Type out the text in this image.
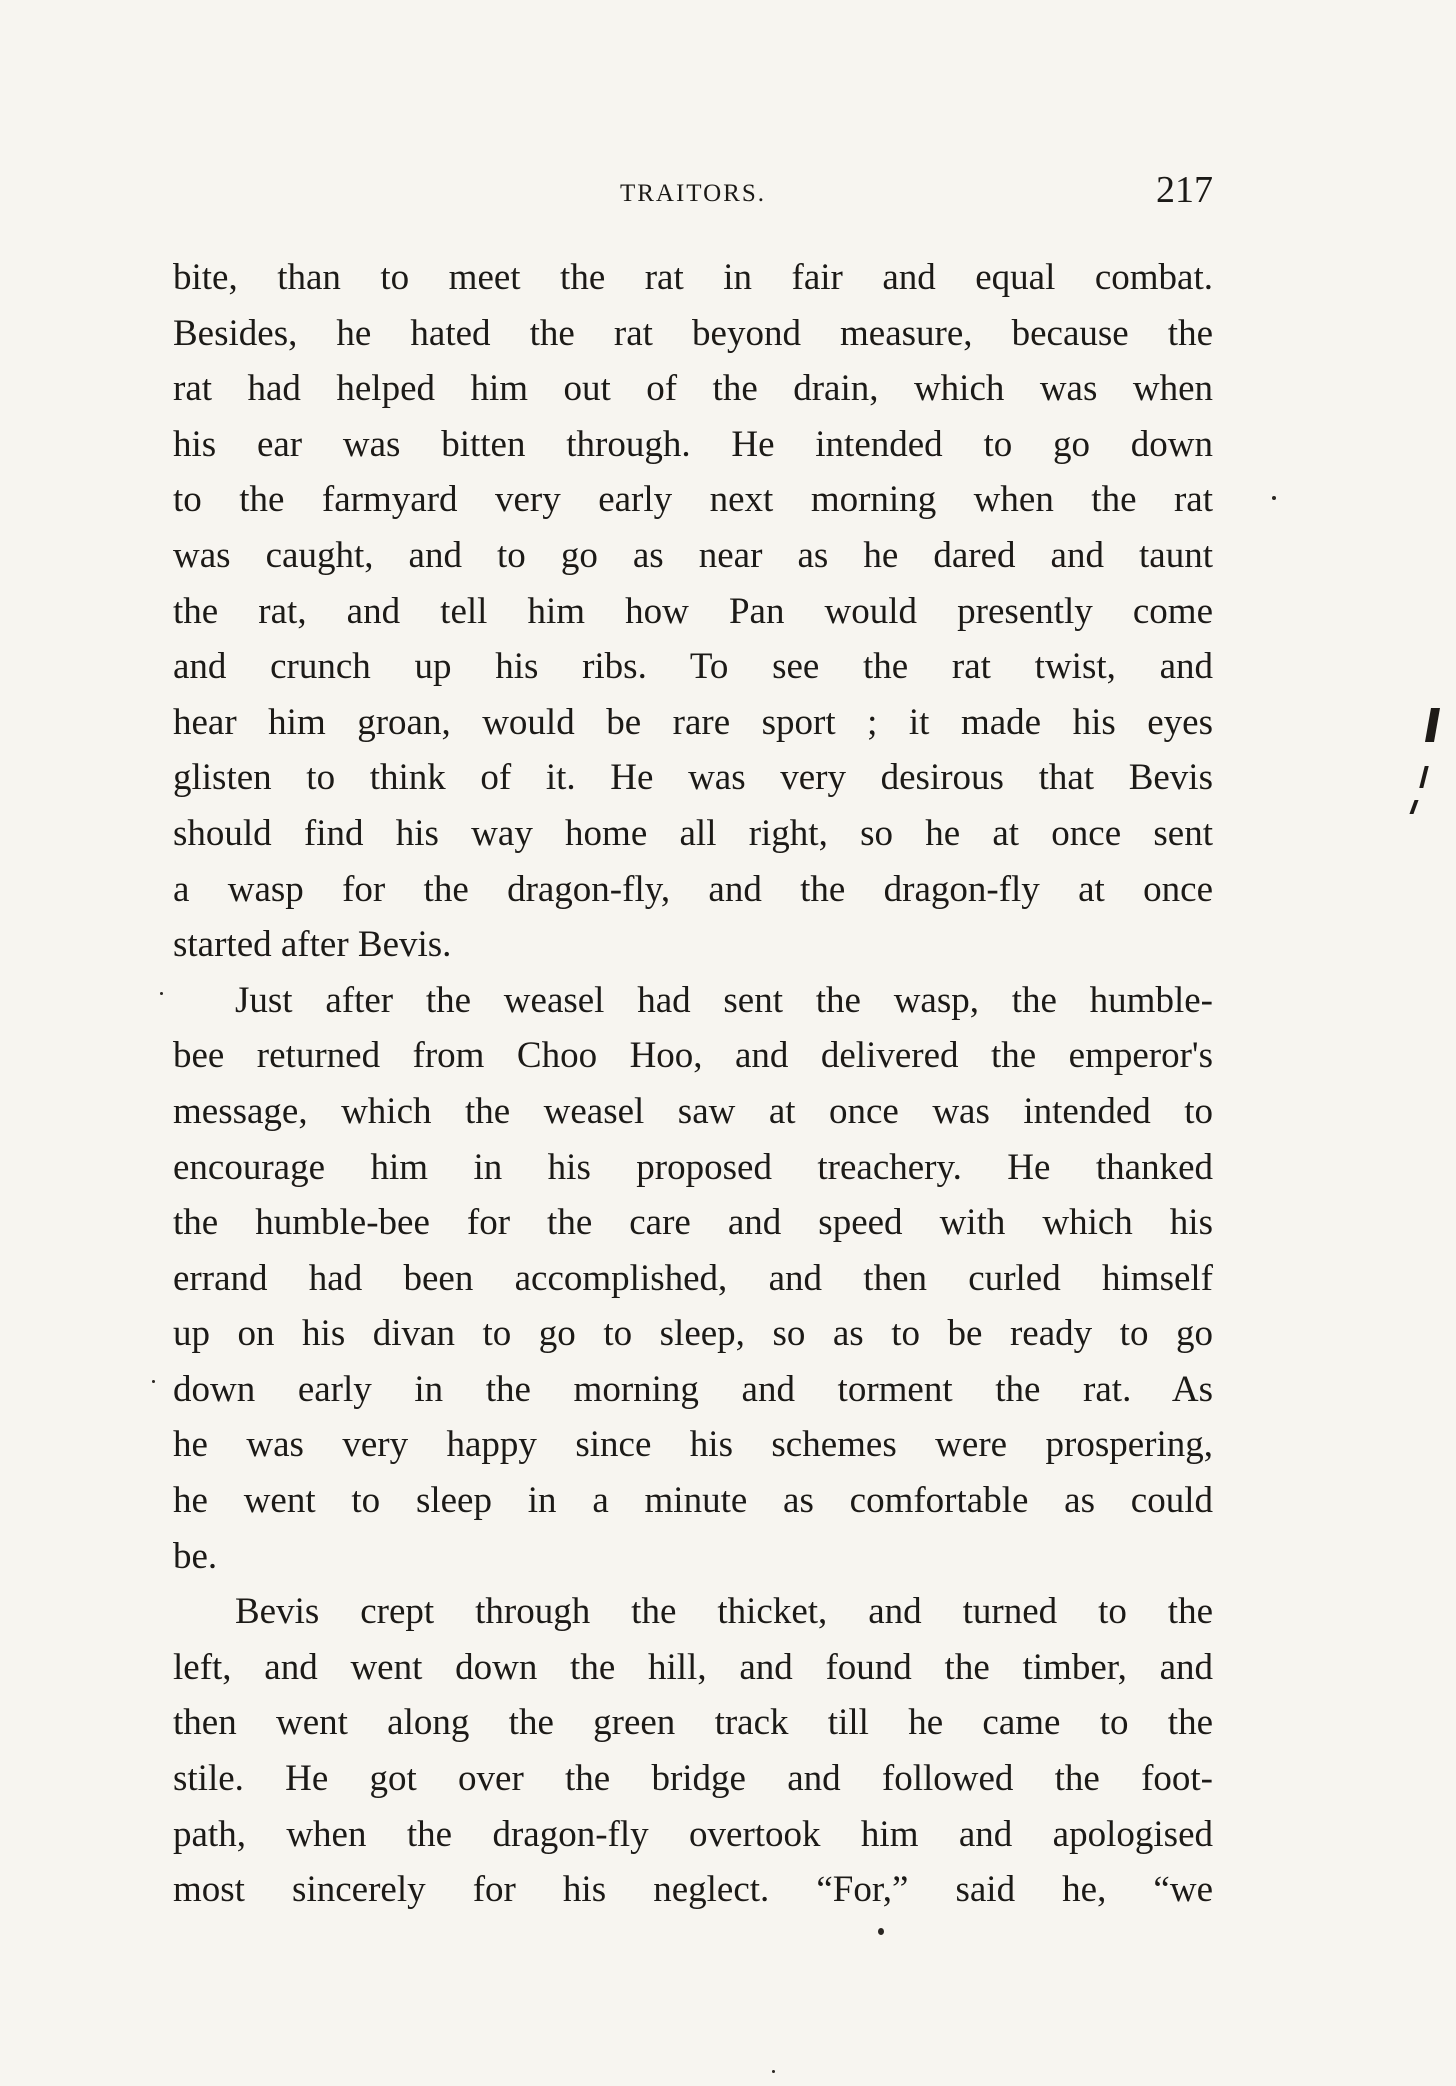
TRAITORS.	217
bite, than to meet the rat in fair and equal combat.
Besides, he hated the rat beyond measure, because the
rat had helped him out of the drain, which was when
his ear was bitten through. He intended to go down
to the farmyard very early next morning when the rat
was caught, and to go as near as he dared and taunt
the rat, and tell him how Pan would presently come
and crunch up his ribs. To see the rat twist, and
hear him groan, would be rare sport ; it made his eyes
glisten to think of it. He was very desirous that Bevis
should find his way home all right, so he at once sent
a wasp for the dragon-fly, and the dragon-fly at once
started after Bevis.
Just after the weasel had sent the wasp, the humble-
bee returned from Choo Hoo, and delivered the emperor's
message, which the weasel saw at once was intended to
encourage him in his proposed treachery. He thanked
the humble-bee for the care and speed with which his
errand had been accomplished, and then curled himself
up on his divan to go to sleep, so as to be ready to go
down early in the morning and torment the rat. As
he was very happy since his schemes were prospering,
he went to sleep in a minute as comfortable as could
be.
Bevis crept through the thicket, and turned to the
left, and went down the hill, and found the timber, and
then went along the green track till he came to the
stile. He got over the bridge and followed the foot-
path, when the dragon-fly overtook him and apologised
most sincerely for his neglect. “For,” said he, “we
